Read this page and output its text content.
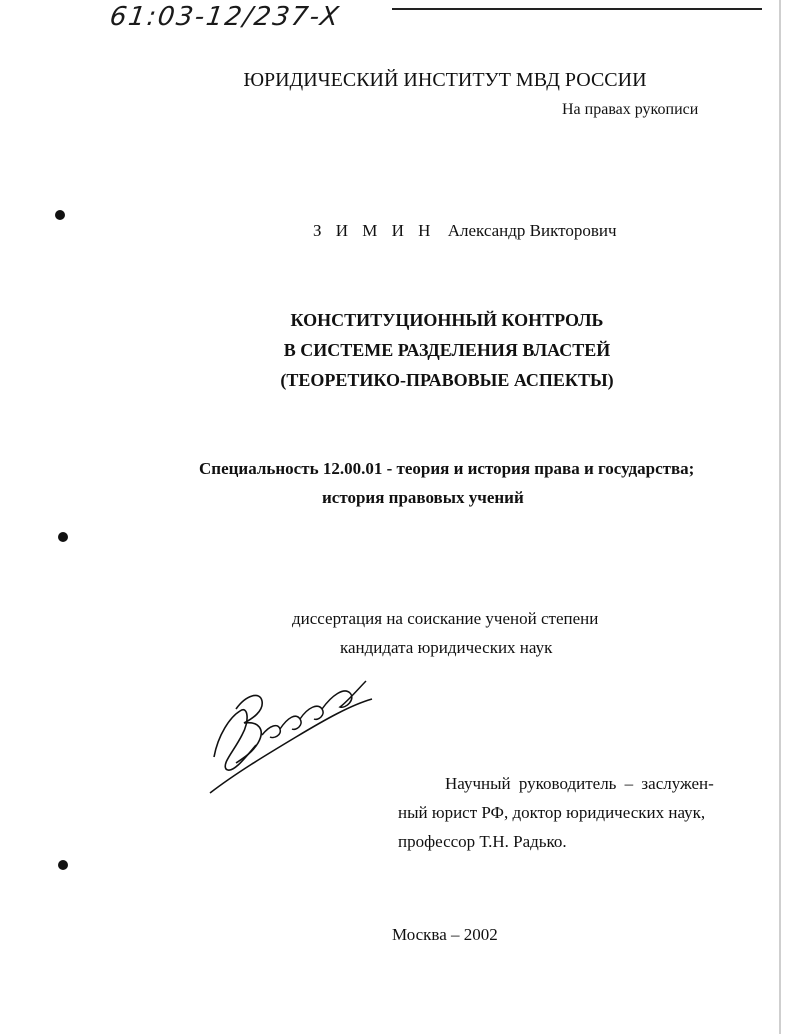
61:03-12/237-X
ЮРИДИЧЕСКИЙ ИНСТИТУТ МВД РОССИИ
На правах рукописи
З И М И Н Александр Викторович
КОНСТИТУЦИОННЫЙ КОНТРОЛЬ
В СИСТЕМЕ РАЗДЕЛЕНИЯ ВЛАСТЕЙ
(ТЕОРЕТИКО-ПРАВОВЫЕ АСПЕКТЫ)
Специальность 12.00.01 - теория и история права и государства;
история правовых учений
диссертация на соискание ученой степени
кандидата юридических наук
Научный руководитель – заслужен-
ный юрист РФ, доктор юридических наук,
профессор Т.Н. Радько.
Москва – 2002
